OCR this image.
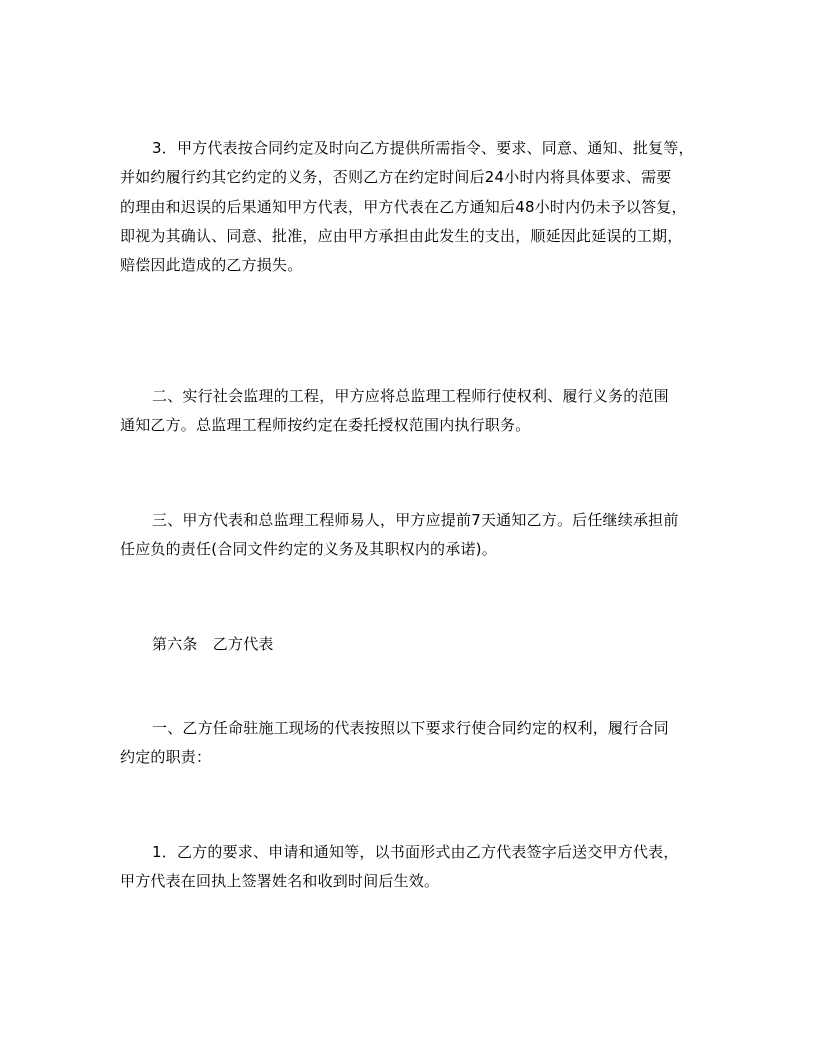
3．甲方代表按合同约定及时向乙方提供所需指令、要求、同意、通知、批复等，
并如约履行约其它约定的义务，否则乙方在约定时间后24小时内将具体要求、需要
的理由和迟误的后果通知甲方代表，甲方代表在乙方通知后48小时内仍未予以答复，
即视为其确认、同意、批准，应由甲方承担由此发生的支出，顺延因此延误的工期，
赔偿因此造成的乙方损失。
二、实行社会监理的工程，甲方应将总监理工程师行使权利、履行义务的范围
通知乙方。总监理工程师按约定在委托授权范围内执行职务。
三、甲方代表和总监理工程师易人，甲方应提前7天通知乙方。后任继续承担前
任应负的责任(合同文件约定的义务及其职权内的承诺)。
第六条　乙方代表
一、乙方任命驻施工现场的代表按照以下要求行使合同约定的权利，履行合同
约定的职责：
1．乙方的要求、申请和通知等，以书面形式由乙方代表签字后送交甲方代表，
甲方代表在回执上签署姓名和收到时间后生效。
